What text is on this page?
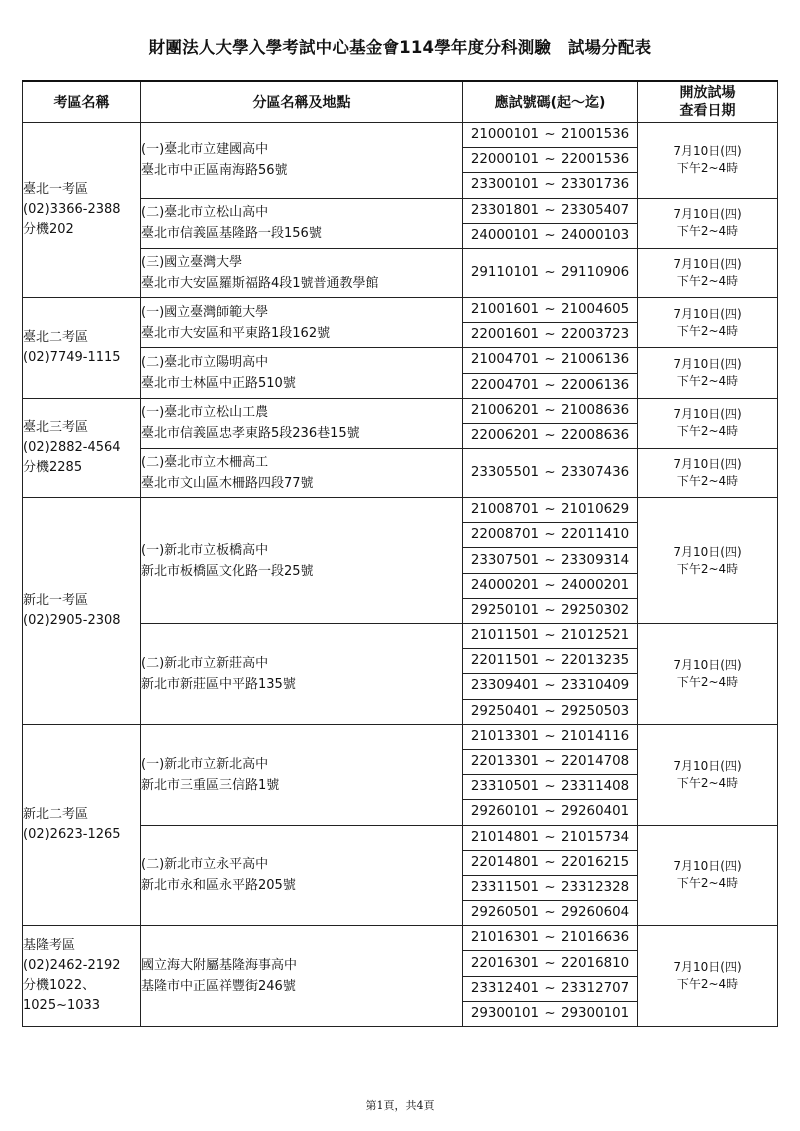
財團法人大學入學考試中心基金會114學年度分科測驗　試場分配表
考區名稱	分區名稱及地點	應試號碼(起～迄)	開放試場
查看日期

臺北一考區
(02)3366-2388
分機202	(一)臺北市立建國高中
臺北市中正區南海路56號	21000101 ~ 21001536	7月10日(四)
下午2~4時

		22000101 ~ 22001536	
		23300101 ~ 23301736	

	(二)臺北市立松山高中
臺北市信義區基隆路一段156號	23301801 ~ 23305407	7月10日(四)
下午2~4時

		24000101 ~ 24000103	

	(三)國立臺灣大學
臺北市大安區羅斯福路4段1號普通教學館	29110101 ~ 29110906	7月10日(四)
下午2~4時

臺北二考區
(02)7749-1115	(一)國立臺灣師範大學
臺北市大安區和平東路1段162號	21001601 ~ 21004605	7月10日(四)
下午2~4時

		22001601 ~ 22003723	

	(二)臺北市立陽明高中
臺北市士林區中正路510號	21004701 ~ 21006136	7月10日(四)
下午2~4時

		22004701 ~ 22006136	

臺北三考區
(02)2882-4564
分機2285	(一)臺北市立松山工農
臺北市信義區忠孝東路5段236巷15號	21006201 ~ 21008636	7月10日(四)
下午2~4時

		22006201 ~ 22008636	

	(二)臺北市立木柵高工
臺北市文山區木柵路四段77號	23305501 ~ 23307436	7月10日(四)
下午2~4時

新北一考區
(02)2905-2308	(一)新北市立板橋高中
新北市板橋區文化路一段25號	21008701 ~ 21010629	7月10日(四)
下午2~4時

		22008701 ~ 22011410	
		23307501 ~ 23309314	
		24000201 ~ 24000201	
		29250101 ~ 29250302	

	(二)新北市立新莊高中
新北市新莊區中平路135號	21011501 ~ 21012521	7月10日(四)
下午2~4時

		22011501 ~ 22013235	
		23309401 ~ 23310409	
		29250401 ~ 29250503	

新北二考區
(02)2623-1265	(一)新北市立新北高中
新北市三重區三信路1號	21013301 ~ 21014116	7月10日(四)
下午2~4時

		22013301 ~ 22014708	
		23310501 ~ 23311408	
		29260101 ~ 29260401	

	(二)新北市立永平高中
新北市永和區永平路205號	21014801 ~ 21015734	7月10日(四)
下午2~4時

		22014801 ~ 22016215	
		23311501 ~ 23312328	
		29260501 ~ 29260604	

基隆考區
(02)2462-2192
分機1022、
1025~1033	國立海大附屬基隆海事高中
基隆市中正區祥豐街246號	21016301 ~ 21016636	7月10日(四)
下午2~4時

		22016301 ~ 22016810	
		23312401 ~ 23312707	
		29300101 ~ 29300101	
第1頁，共4頁
